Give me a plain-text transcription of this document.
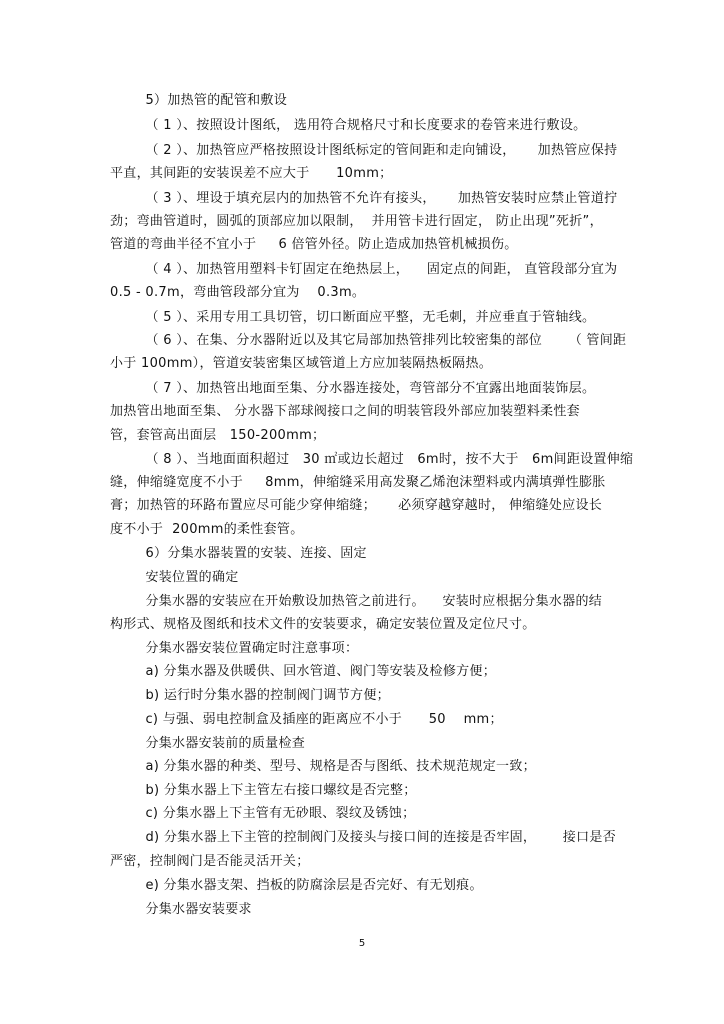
5）加热管的配管和敷设
（ 1 ）、按照设计图纸， 选用符合规格尺寸和长度要求的卷管来进行敷设。
（ 2 ）、加热管应严格按照设计图纸标定的管间距和走向铺设，     加热管应保持
平直，其间距的安装误差不应大于      10mm；
（ 3 ）、埋设于填充层内的加热管不允许有接头，     加热管安装时应禁止管道拧
劲；弯曲管道时，圆弧的顶部应加以限制，  并用管卡进行固定， 防止出现”死折”，
管道的弯曲半径不宜小于     6 倍管外径。防止造成加热管机械损伤。
（ 4 ）、加热管用塑料卡钉固定在绝热层上，    固定点的间距， 直管段部分宜为
0.5 - 0.7m，弯曲管段部分宜为    0.3m。
（ 5 ）、采用专用工具切管，切口断面应平整，无毛刺，并应垂直于管轴线。
（ 6 ）、在集、分水器附近以及其它局部加热管排列比较密集的部位      （ 管间距
小于 100mm），管道安装密集区域管道上方应加装隔热板隔热。
（ 7 ）、加热管出地面至集、分水器连接处，弯管部分不宜露出地面装饰层。
加热管出地面至集、 分水器下部球阀接口之间的明装管段外部应加装塑料柔性套
管，套管高出面层   150-200mm；
（ 8 ）、当地面面积超过   30 ㎡或边长超过   6m时，按不大于   6m间距设置伸缩
缝，伸缩缝宽度不小于     8mm，伸缩缝采用高发聚乙烯泡沫塑料或内满填弹性膨胀
膏；加热管的环路布置应尽可能少穿伸缩缝；     必须穿越穿越时， 伸缩缝处应设长
度不小于  200mm的柔性套管。
6）分集水器装置的安装、连接、固定
安装位置的确定
分集水器的安装应在开始敷设加热管之前进行。    安装时应根据分集水器的结
构形式、规格及图纸和技术文件的安装要求，确定安装位置及定位尺寸。
分集水器安装位置确定时注意事项：
a) 分集水器及供暖供、回水管道、阀门等安装及检修方便；
b) 运行时分集水器的控制阀门调节方便；
c) 与强、弱电控制盒及插座的距离应不小于      50    mm；
分集水器安装前的质量检查
a) 分集水器的种类、型号、规格是否与图纸、技术规范规定一致；
b) 分集水器上下主管左右接口螺纹是否完整；
c) 分集水器上下主管有无砂眼、裂纹及锈蚀；
d) 分集水器上下主管的控制阀门及接头与接口间的连接是否牢固，      接口是否
严密，控制阀门是否能灵活开关；
e) 分集水器支架、挡板的防腐涂层是否完好、有无划痕。
分集水器安装要求
5
